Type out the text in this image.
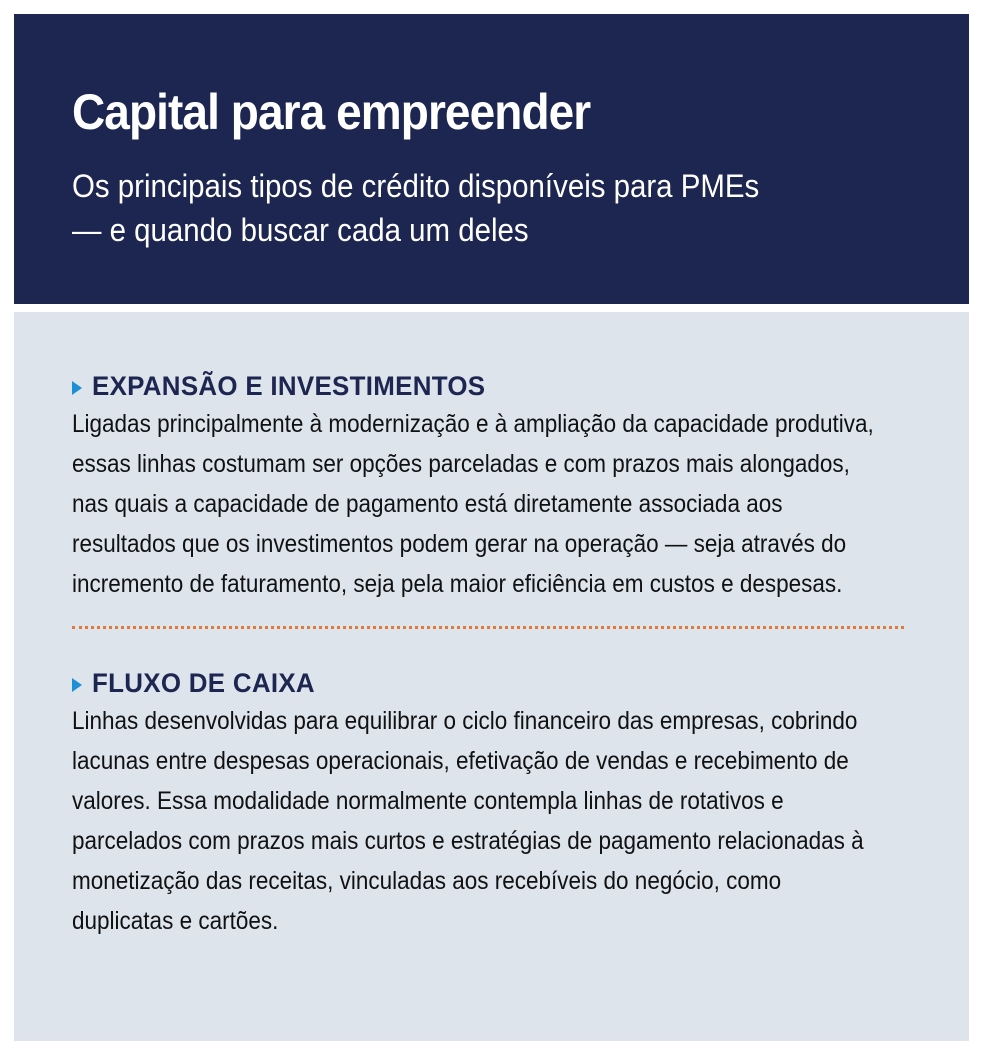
Capital para empreender

Os principais tipos de crédito disponíveis para PMEs — e quando buscar cada um deles

EXPANSÃO E INVESTIMENTOS

Ligadas principalmente à modernização e à ampliação da capacidade produtiva, essas linhas costumam ser opções parceladas e com prazos mais alongados, nas quais a capacidade de pagamento está diretamente associada aos resultados que os investimentos podem gerar na operação — seja através do incremento de faturamento, seja pela maior eficiência em custos e despesas.

FLUXO DE CAIXA

Linhas desenvolvidas para equilibrar o ciclo financeiro das empresas, cobrindo lacunas entre despesas operacionais, efetivação de vendas e recebimento de valores. Essa modalidade normalmente contempla linhas de rotativos e parcelados com prazos mais curtos e estratégias de pagamento relacionadas à monetização das receitas, vinculadas aos recebíveis do negócio, como duplicatas e cartões.
